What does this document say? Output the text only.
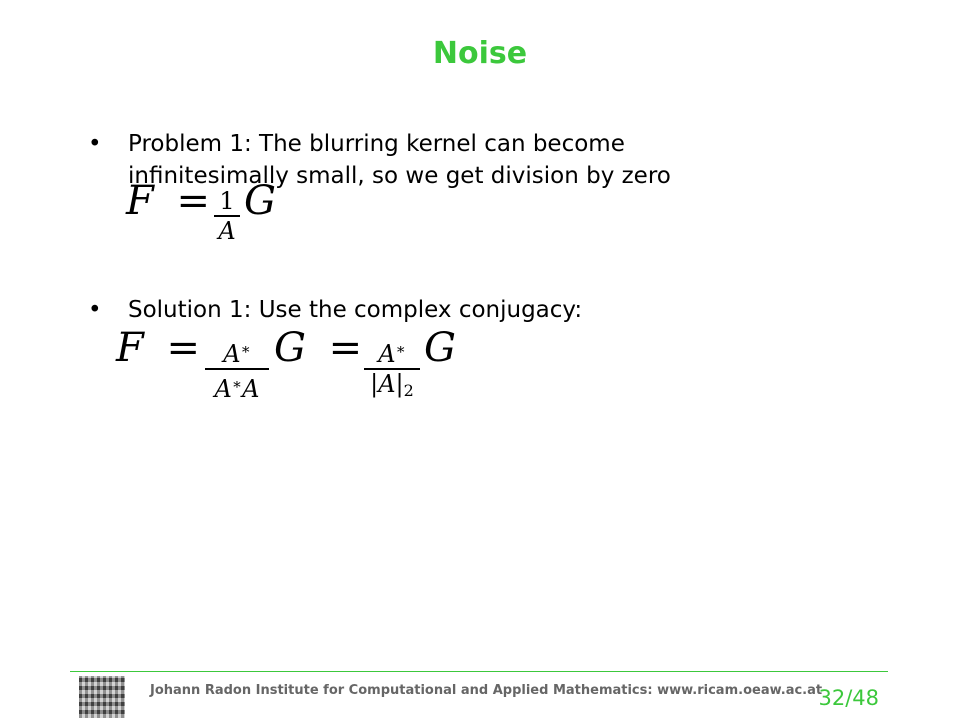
Noise
• Problem 1: The blurring kernel can become
infinitesimally small, so we get division by zero
F = 1
A
G
• Solution 1: Use the complex conjugacy:
F = A∗
A∗A
G = A∗
$|A|_2$
G
Johann Radon Institute for Computational and Applied Mathematics: www.ricam.oeaw.ac.at
32/48
